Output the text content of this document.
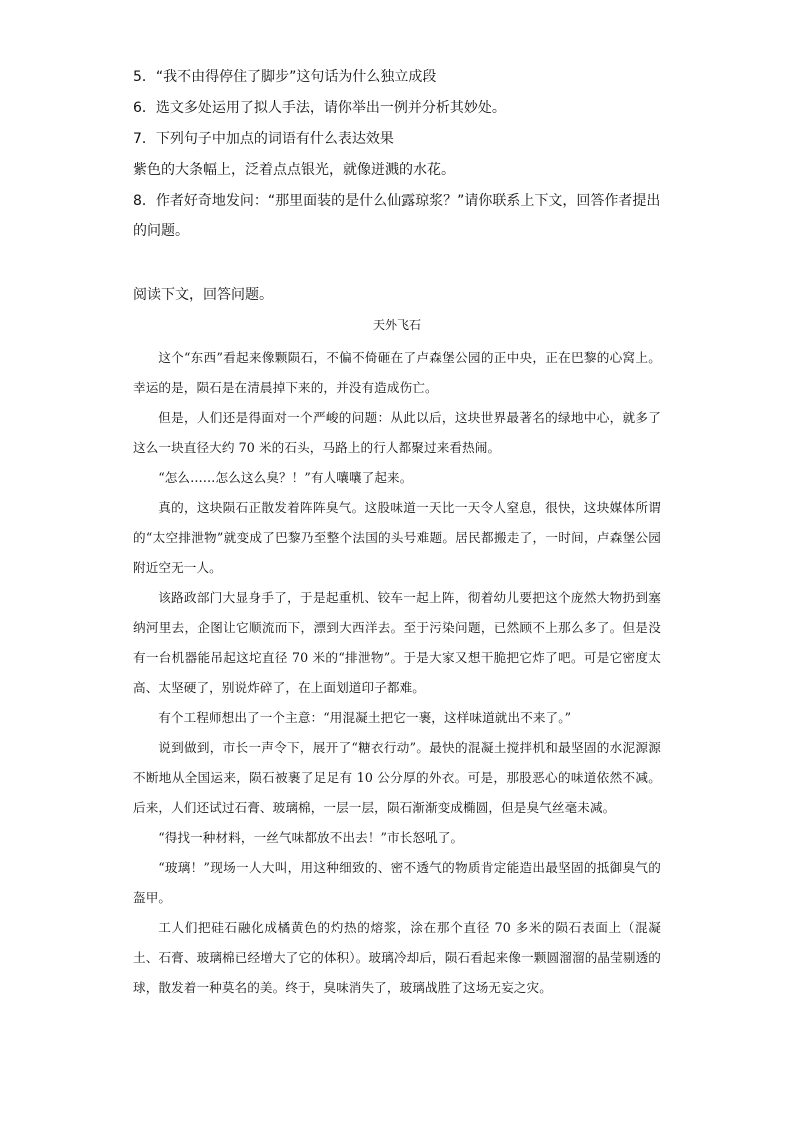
5．“我不由得停住了脚步”这句话为什么独立成段
6．选文多处运用了拟人手法，请你举出一例并分析其妙处。
7．下列句子中加点的词语有什么表达效果
紫色的大条幅上，泛着点点银光，就像迸溅的水花。
8．作者好奇地发问：“那里面装的是什么仙露琼浆？”请你联系上下文，回答作者提出的问题。
阅读下文，回答问题。
天外飞石

这个“东西”看起来像颗陨石，不偏不倚砸在了卢森堡公园的正中央，正在巴黎的心窝上。幸运的是，陨石是在清晨掉下来的，并没有造成伤亡。

但是，人们还是得面对一个严峻的问题：从此以后，这块世界最著名的绿地中心，就多了这么一块直径大约 70 米的石头，马路上的行人都聚过来看热闹。

“怎么……怎么这么臭？！”有人嚷嚷了起来。

真的，这块陨石正散发着阵阵臭气。这股味道一天比一天令人窒息，很快，这块媒体所谓的“太空排泄物”就变成了巴黎乃至整个法国的头号难题。居民都搬走了，一时间，卢森堡公园附近空无一人。

该路政部门大显身手了，于是起重机、铰车一起上阵，彻着幼儿要把这个庞然大物扔到塞纳河里去，企图让它顺流而下，漂到大西洋去。至于污染问题，已然顾不上那么多了。但是没有一台机器能吊起这坨直径 70 米的“排泄物”。于是大家又想干脆把它炸了吧。可是它密度太高、太坚硬了，别说炸碎了，在上面划道印子都难。

有个工程师想出了一个主意：“用混凝土把它一裹，这样味道就出不来了。”

说到做到，市长一声令下，展开了“糖衣行动”。最快的混凝土搅拌机和最坚固的水泥源源不断地从全国运来，陨石被裹了足足有 10 公分厚的外衣。可是，那股恶心的味道依然不减。后来，人们还试过石膏、玻璃棉，一层一层，陨石渐渐变成椭圆，但是臭气丝毫未减。

“得找一种材料，一丝气味都放不出去！”市长怒吼了。

“玻璃！”现场一人大叫，用这种细致的、密不透气的物质肯定能造出最坚固的抵御臭气的盔甲。

工人们把硅石融化成橘黄色的灼热的熔浆，涂在那个直径 70 多米的陨石表面上（混凝土、石膏、玻璃棉已经增大了它的体积）。玻璃冷却后，陨石看起来像一颗圆溜溜的晶莹剔透的球，散发着一种莫名的美。终于，臭味消失了，玻璃战胜了这场无妄之灾。
